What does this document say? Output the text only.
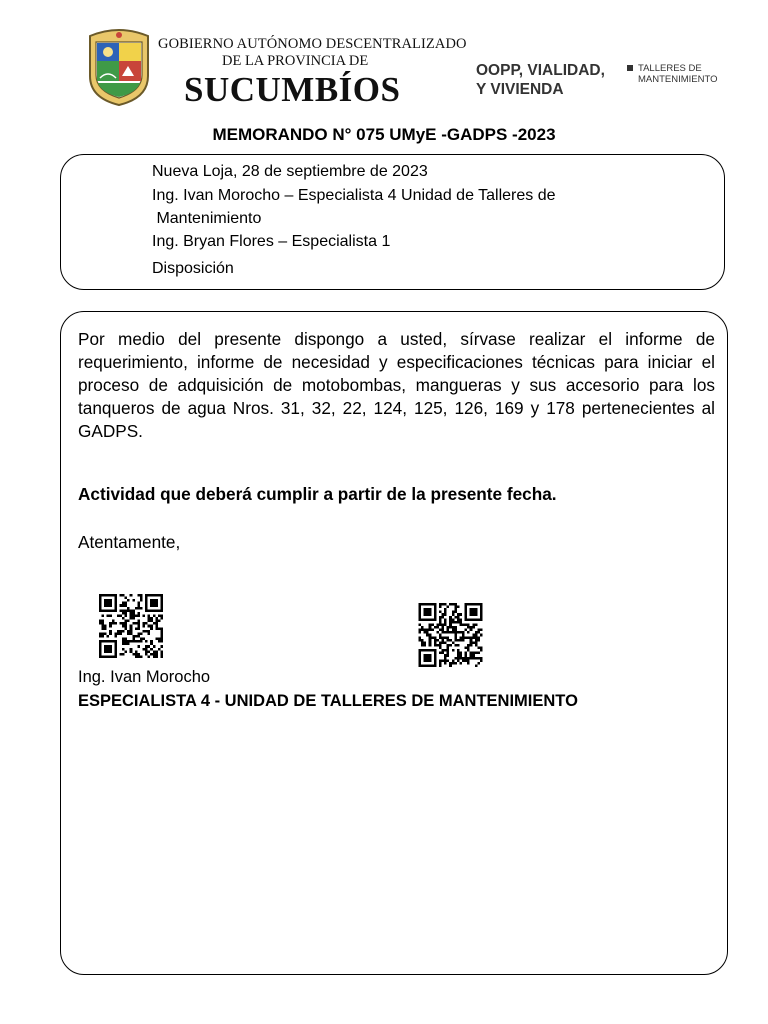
GOBIERNO AUTÓNOMO DESCENTRALIZADO
DE LA PROVINCIA DE
SUCUMBÍOS	OOPP, VIALIDAD,
Y VIVIENDA
TALLERES DE
MANTENIMIENTO
MEMORANDO N° 075 UMyE -GADPS -2023
Nueva Loja, 28 de septiembre de 2023
Ing. Ivan Morocho – Especialista 4 Unidad de Talleres de
Mantenimiento
Ing. Bryan Flores – Especialista 1
Disposición

Por medio del presente dispongo a usted, sírvase realizar el informe de requerimiento, informe de necesidad y especificaciones técnicas para iniciar el proceso de adquisición de motobombas, mangueras y sus accesorio para los tanqueros de agua Nros. 31, 32, 22, 124, 125, 126, 169 y 178 pertenecientes al GADPS.

Actividad que deberá cumplir a partir de la presente fecha.
Atentamente,
Ing. Ivan Morocho
ESPECIALISTA 4 - UNIDAD DE TALLERES DE MANTENIMIENTO
